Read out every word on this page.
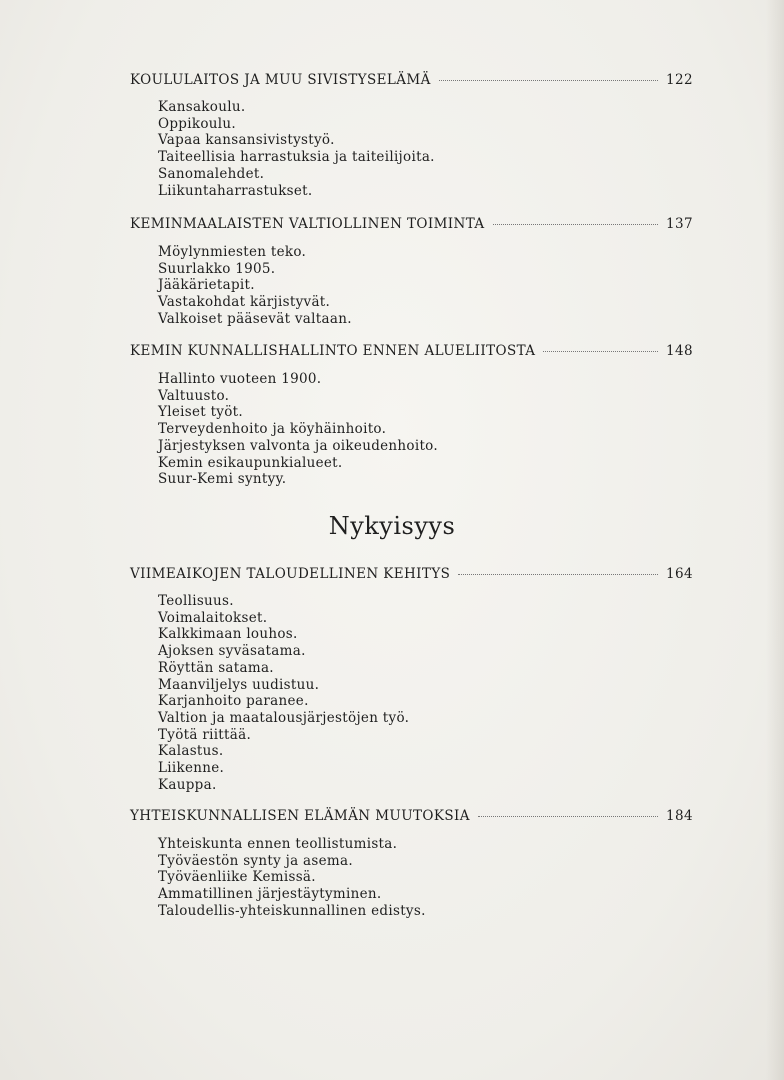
KOULULAITOS JA MUU SIVISTYSELÄMÄ	122
Kansakoulu.
Oppikoulu.
Vapaa kansansivistystyö.
Taiteellisia harrastuksia ja taiteilijoita.
Sanomalehdet.
Liikuntaharrastukset.
KEMINMAALAISTEN VALTIOLLINEN TOIMINTA	137
Möylynmiesten teko.
Suurlakko 1905.
Jääkärietapit.
Vastakohdat kärjistyvät.
Valkoiset pääsevät valtaan.
KEMIN KUNNALLISHALLINTO ENNEN ALUELIITOSTA	148
Hallinto vuoteen 1900.
Valtuusto.
Yleiset työt.
Terveydenhoito ja köyhäinhoito.
Järjestyksen valvonta ja oikeudenhoito.
Kemin esikaupunkialueet.
Suur-Kemi syntyy.
Nykyisyys
VIIMEAIKOJEN TALOUDELLINEN KEHITYS	164
Teollisuus.
Voimalaitokset.
Kalkkimaan louhos.
Ajoksen syväsatama.
Röyttän satama.
Maanviljelys uudistuu.
Karjanhoito paranee.
Valtion ja maatalousjärjestöjen työ.
Työtä riittää.
Kalastus.
Liikenne.
Kauppa.
YHTEISKUNNALLISEN ELÄMÄN MUUTOKSIA	184
Yhteiskunta ennen teollistumista.
Työväestön synty ja asema.
Työväenliike Kemissä.
Ammatillinen järjestäytyminen.
Taloudellis-yhteiskunnallinen edistys.
